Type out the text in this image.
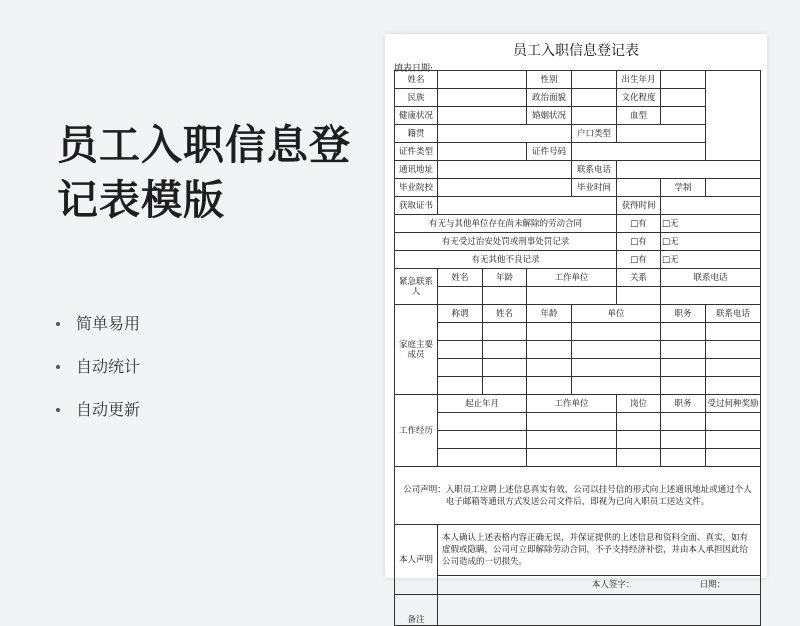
员工入职信息登记表模版
简单易用
自动统计
自动更新
员工入职信息登记表
填表日期:
姓名			性别		出生年月		
民族			政治面貌		文化程度		
健康状况			婚姻状况		血型		
籍贯				户口类型			
证件类型			证件号码				
通讯地址				联系电话			
毕业院校				毕业时间		学制	
获取证书					获得时间		
有无与其他单位存在尚未解除的劳动合同					□有	□无	
有无受过治安处罚或刑事处罚记录					□有	□无	
有无其他不良记录					□有	□无	
紧急联系人	姓名	年龄	工作单位		关系	联系电话	

家庭主要成员	称谓	姓名	年龄	单位		职务	联系电话

工作经历	起止年月		工作单位		岗位	职务	受过何种奖励

公司声明：入职员工应聘上述信息真实有效，公司以挂号信的形式向上述通讯地址或通过个人电子邮箱等通讯方式发送公司文件后，即视为已向入职员工送达文件。							
本人声明	本人确认上述表格内容正确无误，并保证提供的上述信息和资料全面、真实，如有虚假或隐瞒，公司可立即解除劳动合同，不予支持经济补偿，并由本人承担因此给公司造成的一切损失。						
	本人签字： 日期：						
备注							
